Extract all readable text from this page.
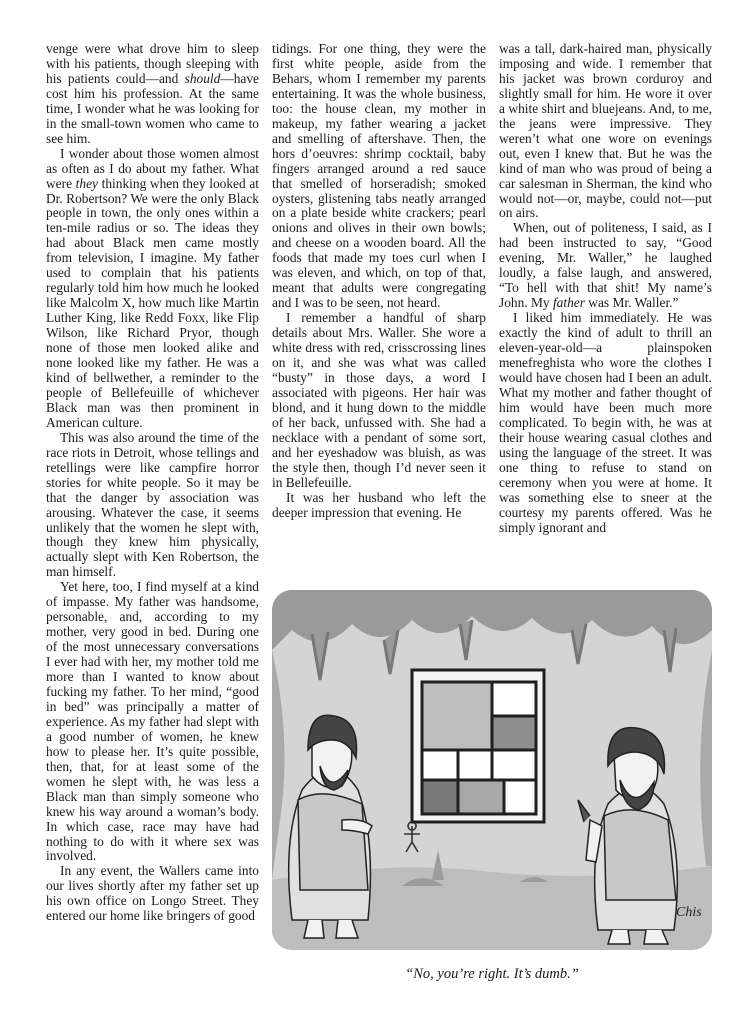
venge were what drove him to sleep with his patients, though sleeping with his patients could—and should—have cost him his profession. At the same time, I wonder what he was looking for in the small-town women who came to see him.

I wonder about those women almost as often as I do about my father. What were they thinking when they looked at Dr. Robertson? We were the only Black people in town, the only ones within a ten-mile radius or so. The ideas they had about Black men came mostly from television, I imagine. My father used to complain that his patients regularly told him how much he looked like Malcolm X, how much like Martin Luther King, like Redd Foxx, like Flip Wilson, like Richard Pryor, though none of those men looked alike and none looked like my father. He was a kind of bellwether, a reminder to the people of Bellefeuille of whichever Black man was then prominent in American culture.

This was also around the time of the race riots in Detroit, whose tellings and retellings were like campfire horror stories for white people. So it may be that the danger by association was arousing. Whatever the case, it seems unlikely that the women he slept with, though they knew him physically, actually slept with Ken Robertson, the man himself.

Yet here, too, I find myself at a kind of impasse. My father was handsome, personable, and, according to my mother, very good in bed. During one of the most unnecessary conversations I ever had with her, my mother told me more than I wanted to know about fucking my father. To her mind, “good in bed” was principally a matter of experience. As my father had slept with a good number of women, he knew how to please her. It’s quite possible, then, that, for at least some of the women he slept with, he was less a Black man than simply someone who knew his way around a woman’s body. In which case, race may have had nothing to do with it where sex was involved.

In any event, the Wallers came into our lives shortly after my father set up his own office on Longo Street. They entered our home like bringers of good

tidings. For one thing, they were the first white people, aside from the Behars, whom I remember my parents entertaining. It was the whole business, too: the house clean, my mother in makeup, my father wearing a jacket and smelling of aftershave. Then, the hors d’oeuvres: shrimp cocktail, baby fingers arranged around a red sauce that smelled of horseradish; smoked oysters, glistening tabs neatly arranged on a plate beside white crackers; pearl onions and olives in their own bowls; and cheese on a wooden board. All the foods that made my toes curl when I was eleven, and which, on top of that, meant that adults were congregating and I was to be seen, not heard.

I remember a handful of sharp details about Mrs. Waller. She wore a white dress with red, crisscrossing lines on it, and she was what was called “busty” in those days, a word I associated with pigeons. Her hair was blond, and it hung down to the middle of her back, unfussed with. She had a necklace with a pendant of some sort, and her eyeshadow was bluish, as was the style then, though I’d never seen it in Bellefeuille.

It was her husband who left the deeper impression that evening. He

was a tall, dark-haired man, physically imposing and wide. I remember that his jacket was brown corduroy and slightly small for him. He wore it over a white shirt and bluejeans. And, to me, the jeans were impressive. They weren’t what one wore on evenings out, even I knew that. But he was the kind of man who was proud of being a car salesman in Sherman, the kind who would not—or, maybe, could not—put on airs.

When, out of politeness, I said, as I had been instructed to say, “Good evening, Mr. Waller,” he laughed loudly, a false laugh, and answered, “To hell with that shit! My name’s John. My father was Mr. Waller.”

I liked him immediately. He was exactly the kind of adult to thrill an eleven-year-old—a plainspoken menefreghista who wore the clothes I would have chosen had I been an adult. What my mother and father thought of him would have been much more complicated. To begin with, he was at their house wearing casual clothes and using the language of the street. It was one thing to refuse to stand on ceremony when you were at home. It was something else to sneer at the courtesy my parents offered. Was he simply ignorant and

Chis
“No, you’re right. It’s dumb.”
